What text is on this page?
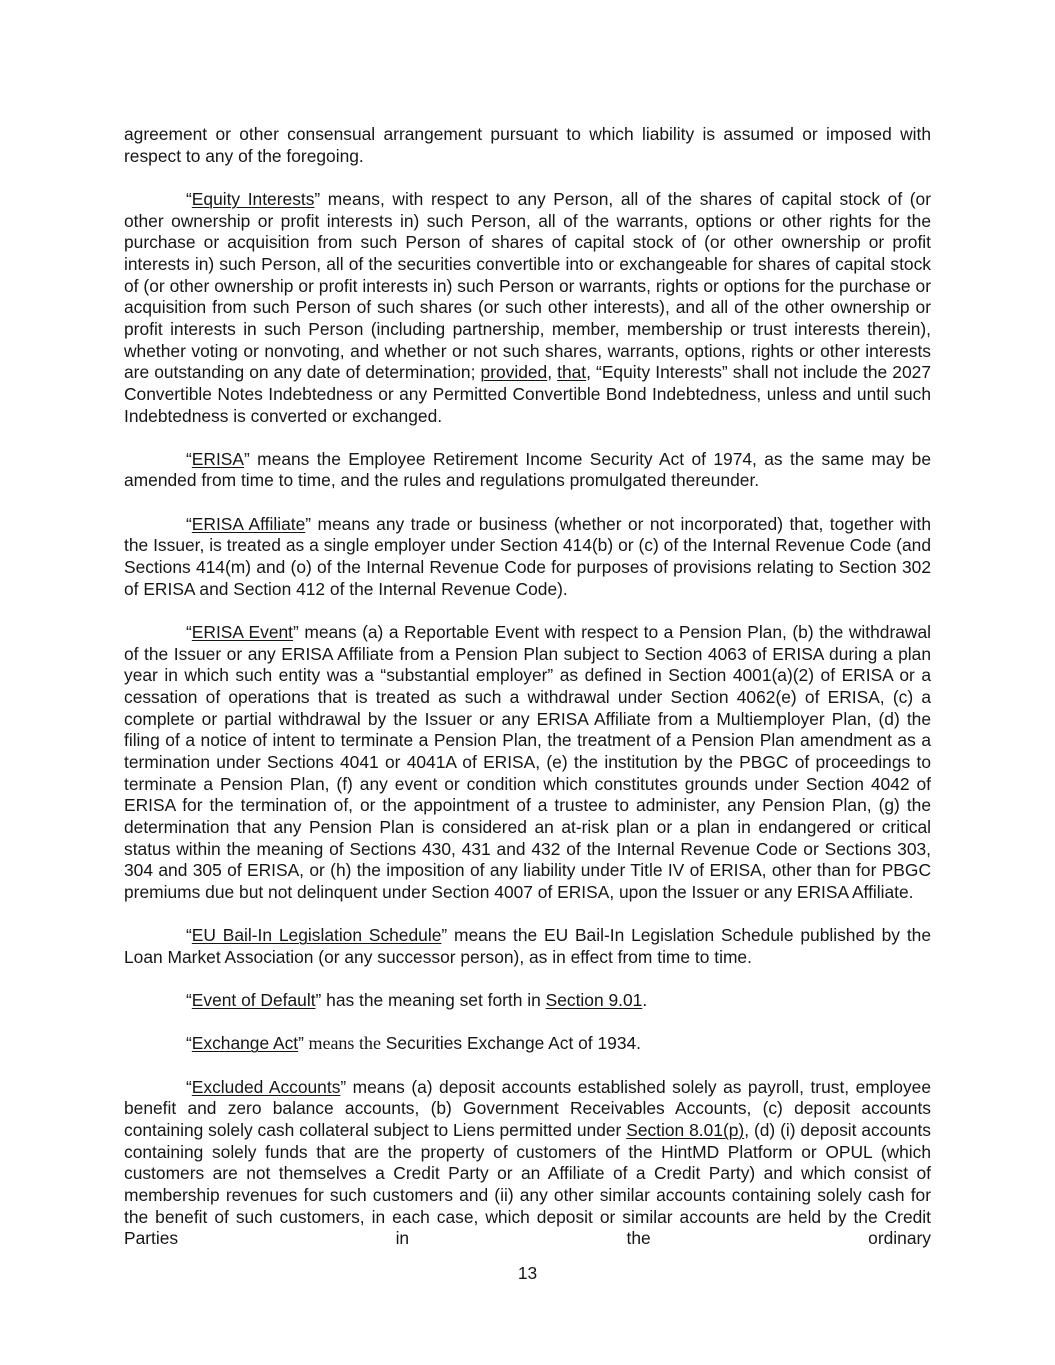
agreement or other consensual arrangement pursuant to which liability is assumed or imposed with respect to any of the foregoing.

“Equity Interests” means, with respect to any Person, all of the shares of capital stock of (or other ownership or profit interests in) such Person, all of the warrants, options or other rights for the purchase or acquisition from such Person of shares of capital stock of (or other ownership or profit interests in) such Person, all of the securities convertible into or exchangeable for shares of capital stock of (or other ownership or profit interests in) such Person or warrants, rights or options for the purchase or acquisition from such Person of such shares (or such other interests), and all of the other ownership or profit interests in such Person (including partnership, member, membership or trust interests therein), whether voting or nonvoting, and whether or not such shares, warrants, options, rights or other interests are outstanding on any date of determination; provided, that, “Equity Interests” shall not include the 2027 Convertible Notes Indebtedness or any Permitted Convertible Bond Indebtedness, unless and until such Indebtedness is converted or exchanged.

“ERISA” means the Employee Retirement Income Security Act of 1974, as the same may be amended from time to time, and the rules and regulations promulgated thereunder.

“ERISA Affiliate” means any trade or business (whether or not incorporated) that, together with the Issuer, is treated as a single employer under Section 414(b) or (c) of the Internal Revenue Code (and Sections 414(m) and (o) of the Internal Revenue Code for purposes of provisions relating to Section 302 of ERISA and Section 412 of the Internal Revenue Code).

“ERISA Event” means (a) a Reportable Event with respect to a Pension Plan, (b) the withdrawal of the Issuer or any ERISA Affiliate from a Pension Plan subject to Section 4063 of ERISA during a plan year in which such entity was a “substantial employer” as defined in Section 4001(a)(2) of ERISA or a cessation of operations that is treated as such a withdrawal under Section 4062(e) of ERISA, (c) a complete or partial withdrawal by the Issuer or any ERISA Affiliate from a Multiemployer Plan, (d) the filing of a notice of intent to terminate a Pension Plan, the treatment of a Pension Plan amendment as a termination under Sections 4041 or 4041A of ERISA, (e) the institution by the PBGC of proceedings to terminate a Pension Plan, (f) any event or condition which constitutes grounds under Section 4042 of ERISA for the termination of, or the appointment of a trustee to administer, any Pension Plan, (g) the determination that any Pension Plan is considered an at-risk plan or a plan in endangered or critical status within the meaning of Sections 430, 431 and 432 of the Internal Revenue Code or Sections 303, 304 and 305 of ERISA, or (h) the imposition of any liability under Title IV of ERISA, other than for PBGC premiums due but not delinquent under Section 4007 of ERISA, upon the Issuer or any ERISA Affiliate.

“EU Bail-In Legislation Schedule” means the EU Bail-In Legislation Schedule published by the Loan Market Association (or any successor person), as in effect from time to time.

“Event of Default” has the meaning set forth in Section 9.01.

“Exchange Act” means the Securities Exchange Act of 1934.

“Excluded Accounts” means (a) deposit accounts established solely as payroll, trust, employee benefit and zero balance accounts, (b) Government Receivables Accounts, (c) deposit accounts containing solely cash collateral subject to Liens permitted under Section 8.01(p), (d) (i) deposit accounts containing solely funds that are the property of customers of the HintMD Platform or OPUL (which customers are not themselves a Credit Party or an Affiliate of a Credit Party) and which consist of membership revenues for such customers and (ii) any other similar accounts containing solely cash for the benefit of such customers, in each case, which deposit or similar accounts are held by the Credit Parties in the ordinary

13
